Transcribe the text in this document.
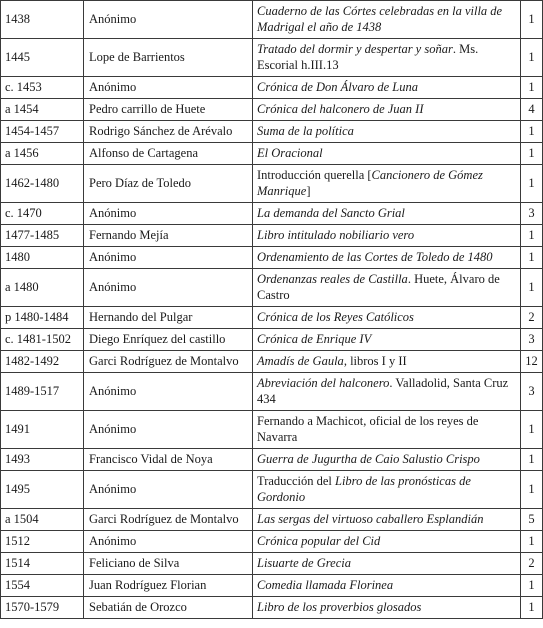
1438	Anónimo	Cuaderno de las Córtes celebradas en la villa de Madrigal el año de 1438	1
1445	Lope de Barrientos	Tratado del dormir y despertar y soñar. Ms. Escorial h.III.13	1
c. 1453	Anónimo	Crónica de Don Álvaro de Luna	1
a 1454	Pedro carrillo de Huete	Crónica del halconero de Juan II	4
1454-1457	Rodrigo Sánchez de Arévalo	Suma de la política	1
a 1456	Alfonso de Cartagena	El Oracional	1
1462-1480	Pero Díaz de Toledo	Introducción querella [Cancionero de Gómez Manrique]	1
c. 1470	Anónimo	La demanda del Sancto Grial	3
1477-1485	Fernando Mejía	Libro intitulado nobiliario vero	1
1480	Anónimo	Ordenamiento de las Cortes de Toledo de 1480	1
a 1480	Anónimo	Ordenanzas reales de Castilla. Huete, Álvaro de Castro	1
p 1480-1484	Hernando del Pulgar	Crónica de los Reyes Católicos	2
c. 1481-1502	Diego Enríquez del castillo	Crónica de Enrique IV	3
1482-1492	Garci Rodríguez de Montalvo	Amadís de Gaula, libros I y II	12
1489-1517	Anónimo	Abreviación del halconero. Valladolid, Santa Cruz 434	3
1491	Anónimo	Fernando a Machicot, oficial de los reyes de Navarra	1
1493	Francisco Vidal de Noya	Guerra de Jugurtha de Caio Salustio Crispo	1
1495	Anónimo	Traducción del Libro de las pronósticas de Gordonio	1
a 1504	Garci Rodríguez de Montalvo	Las sergas del virtuoso caballero Esplandián	5
1512	Anónimo	Crónica popular del Cid	1
1514	Feliciano de Silva	Lisuarte de Grecia	2
1554	Juan Rodríguez Florian	Comedia llamada Florinea	1
1570-1579	Sebatián de Orozco	Libro de los proverbios glosados	1
